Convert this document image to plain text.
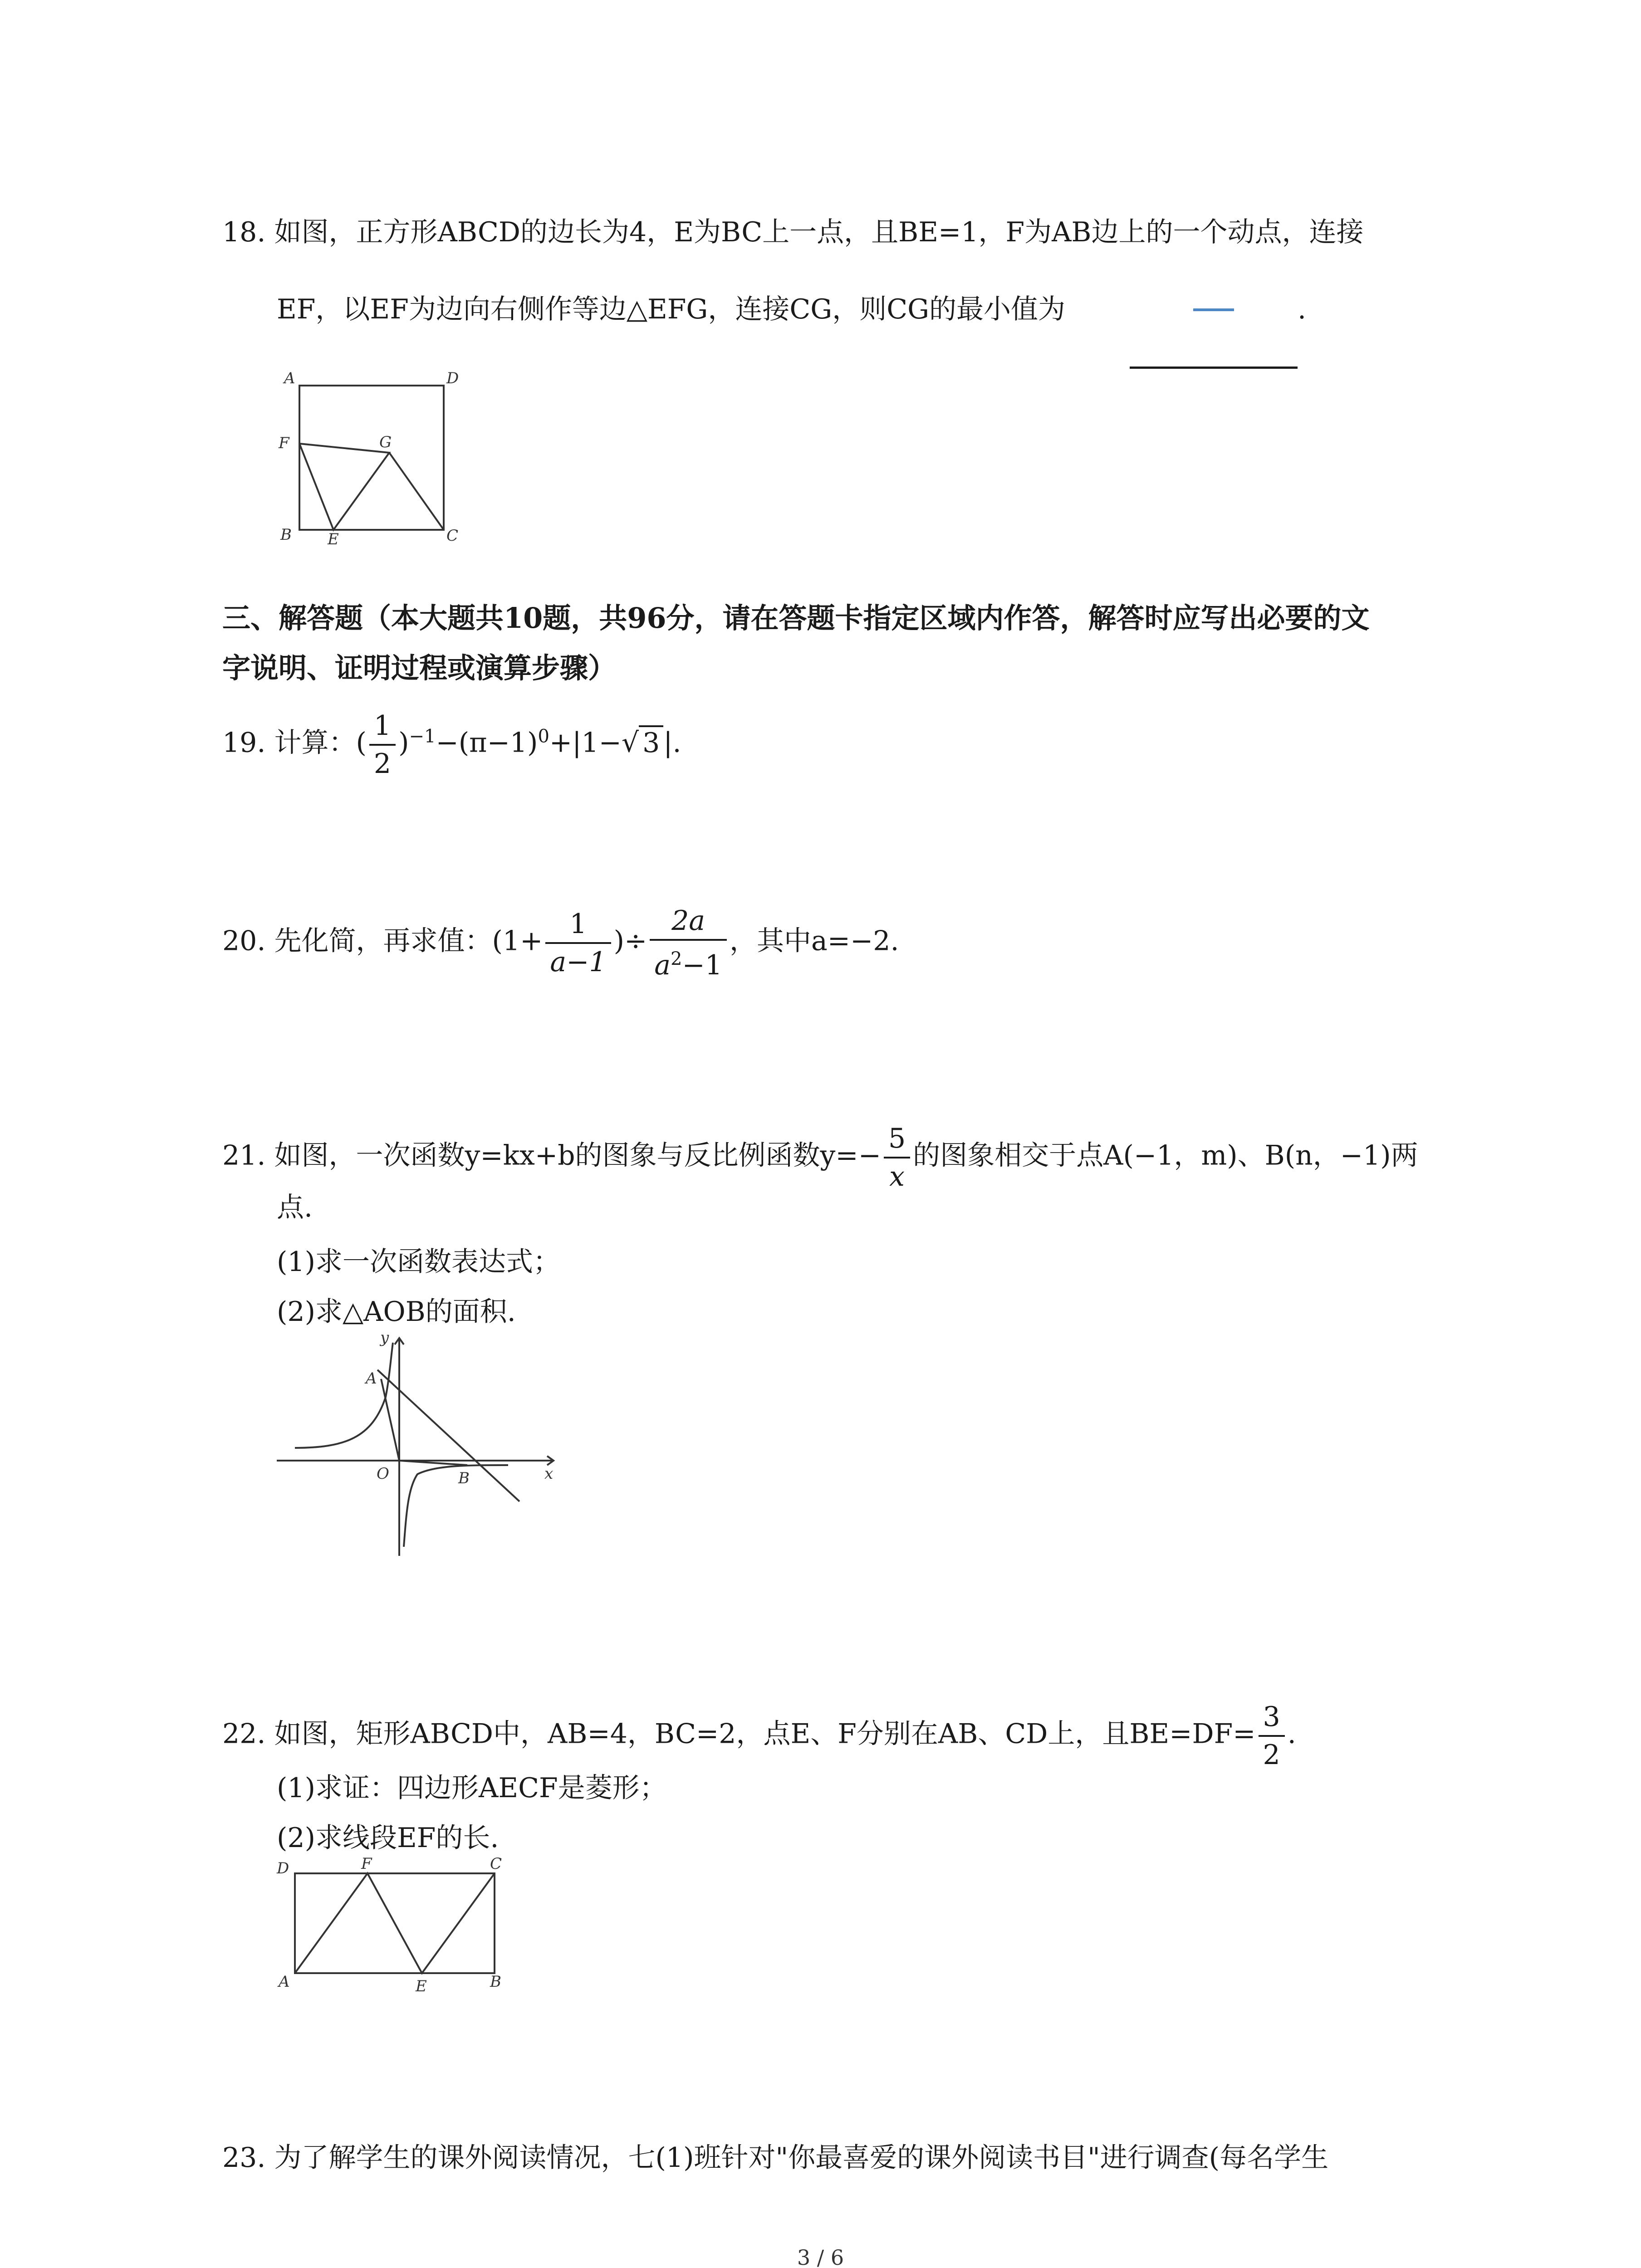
18. 如图，正方形ABCD的边长为4，E为BC上一点，且BE=1，F为AB边上的一个动点，连接
EF，以EF为边向右侧作等边△EFG，连接CG，则CG的最小值为	.
A	D
F	G
B E	C
三、解答题（本大题共10题，共96分，请在答题卡指定区域内作答，解答时应写出必要的文
字说明、证明过程或演算步骤）
19. 计算：( $\frac{1}{2} )^{-1}-(\pi-1)^0+|1-√$ 3 |.
20. 先化简，再求值：($1+ \frac{1}{a-1}$ )÷ $\frac{2a}{a^2-1}$ ，其中a=−2.
21. 如图，一次函数y=kx+b的图象与反比例函数$y=- \frac{5}{x}$ 的图象相交于点A(−1，m)、B(n，−1)两
点.
(1)求一次函数表达式；
(2)求△AOB的面积.
y
x
O
A
B
22. 如图，矩形ABCD中，AB=4，BC=2，点E、F分别在AB、CD上，且$BE=DF= \frac{3}{2}$ .
(1)求证：四边形AECF是菱形；
(2)求线段EF的长.
D	F	C
A	E	B
23. 为了解学生的课外阅读情况，七(1)班针对"你最喜爱的课外阅读书目"进行调查(每名学生
3 / 6
